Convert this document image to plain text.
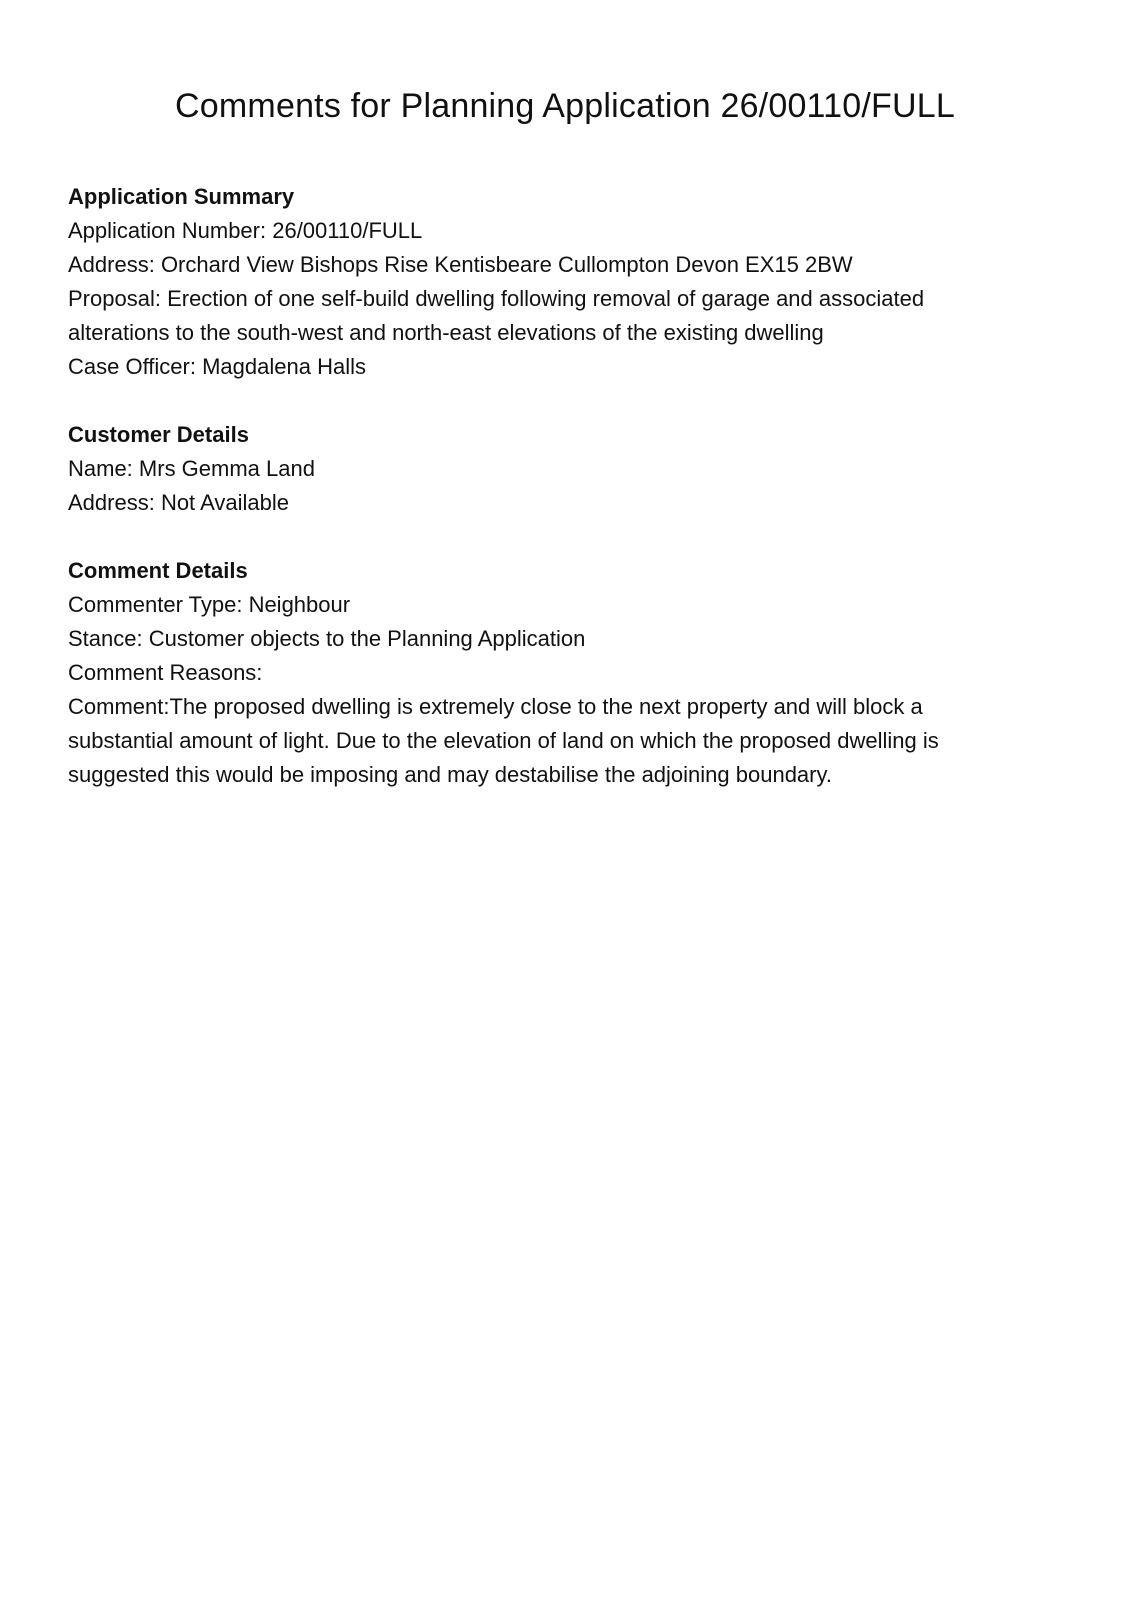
Comments for Planning Application 26/00110/FULL

Application Summary

Application Number: 26/00110/FULL

Address: Orchard View Bishops Rise Kentisbeare Cullompton Devon EX15 2BW

Proposal: Erection of one self-build dwelling following removal of garage and associated

alterations to the south-west and north-east elevations of the existing dwelling

Case Officer: Magdalena Halls

Customer Details

Name: Mrs Gemma Land

Address: Not Available

Comment Details

Commenter Type: Neighbour

Stance: Customer objects to the Planning Application

Comment Reasons:

Comment:The proposed dwelling is extremely close to the next property and will block a

substantial amount of light. Due to the elevation of land on which the proposed dwelling is

suggested this would be imposing and may destabilise the adjoining boundary.
